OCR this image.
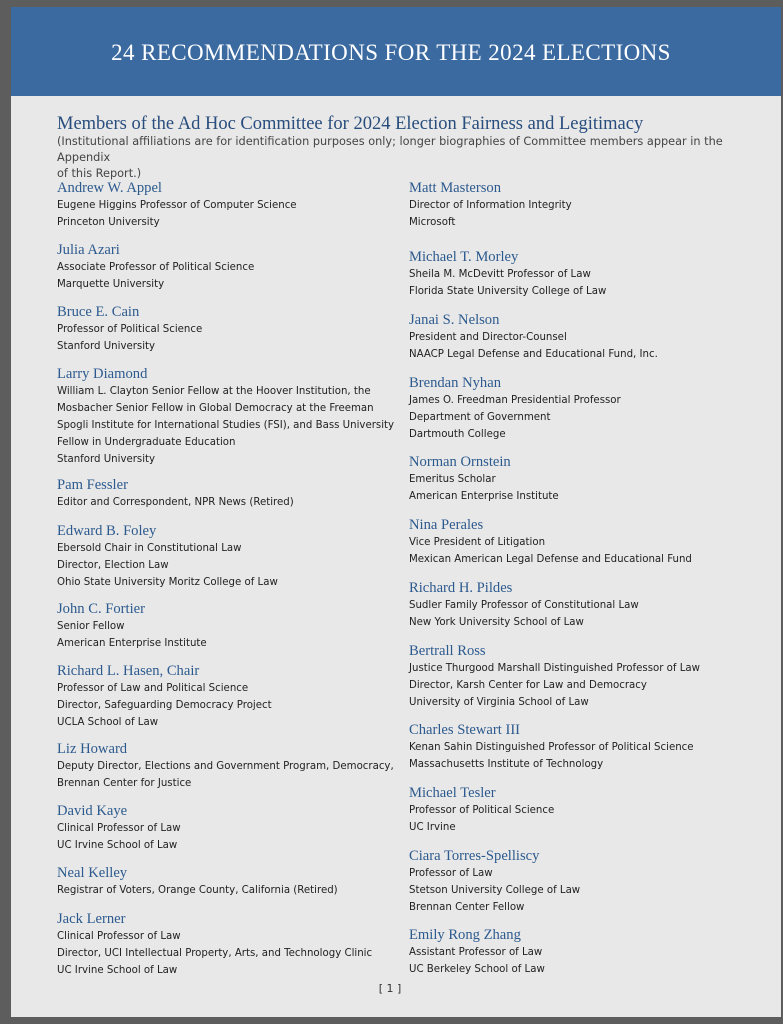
24 RECOMMENDATIONS FOR THE 2024 ELECTIONS
Members of the Ad Hoc Committee for 2024 Election Fairness and Legitimacy
(Institutional affiliations are for identification purposes only; longer biographies of Committee members appear in the Appendix
of this Report.)
Andrew W. Appel
Eugene Higgins Professor of Computer Science
Princeton University
Julia Azari
Associate Professor of Political Science
Marquette University
Bruce E. Cain
Professor of Political Science
Stanford University
Larry Diamond
William L. Clayton Senior Fellow at the Hoover Institution, the
Mosbacher Senior Fellow in Global Democracy at the Freeman
Spogli Institute for International Studies (FSI), and Bass University
Fellow in Undergraduate Education
Stanford University
Pam Fessler
Editor and Correspondent, NPR News (Retired)
Edward B. Foley
Ebersold Chair in Constitutional Law
Director, Election Law
Ohio State University Moritz College of Law
John C. Fortier
Senior Fellow
American Enterprise Institute
Richard L. Hasen, Chair
Professor of Law and Political Science
Director, Safeguarding Democracy Project
UCLA School of Law
Liz Howard
Deputy Director, Elections and Government Program, Democracy,
Brennan Center for Justice
David Kaye
Clinical Professor of Law
UC Irvine School of Law
Neal Kelley
Registrar of Voters, Orange County, California (Retired)
Jack Lerner
Clinical Professor of Law
Director, UCI Intellectual Property, Arts, and Technology Clinic
UC Irvine School of Law
Matt Masterson
Director of Information Integrity
Microsoft
Michael T. Morley
Sheila M. McDevitt Professor of Law
Florida State University College of Law
Janai S. Nelson
President and Director-Counsel
NAACP Legal Defense and Educational Fund, Inc.
Brendan Nyhan
James O. Freedman Presidential Professor
Department of Government
Dartmouth College
Norman Ornstein
Emeritus Scholar
American Enterprise Institute
Nina Perales
Vice President of Litigation
Mexican American Legal Defense and Educational Fund
Richard H. Pildes
Sudler Family Professor of Constitutional Law
New York University School of Law
Bertrall Ross
Justice Thurgood Marshall Distinguished Professor of Law
Director, Karsh Center for Law and Democracy
University of Virginia School of Law
Charles Stewart III
Kenan Sahin Distinguished Professor of Political Science
Massachusetts Institute of Technology
Michael Tesler
Professor of Political Science
UC Irvine
Ciara Torres-Spelliscy
Professor of Law
Stetson University College of Law
Brennan Center Fellow
Emily Rong Zhang
Assistant Professor of Law
UC Berkeley School of Law
[ 1 ]
